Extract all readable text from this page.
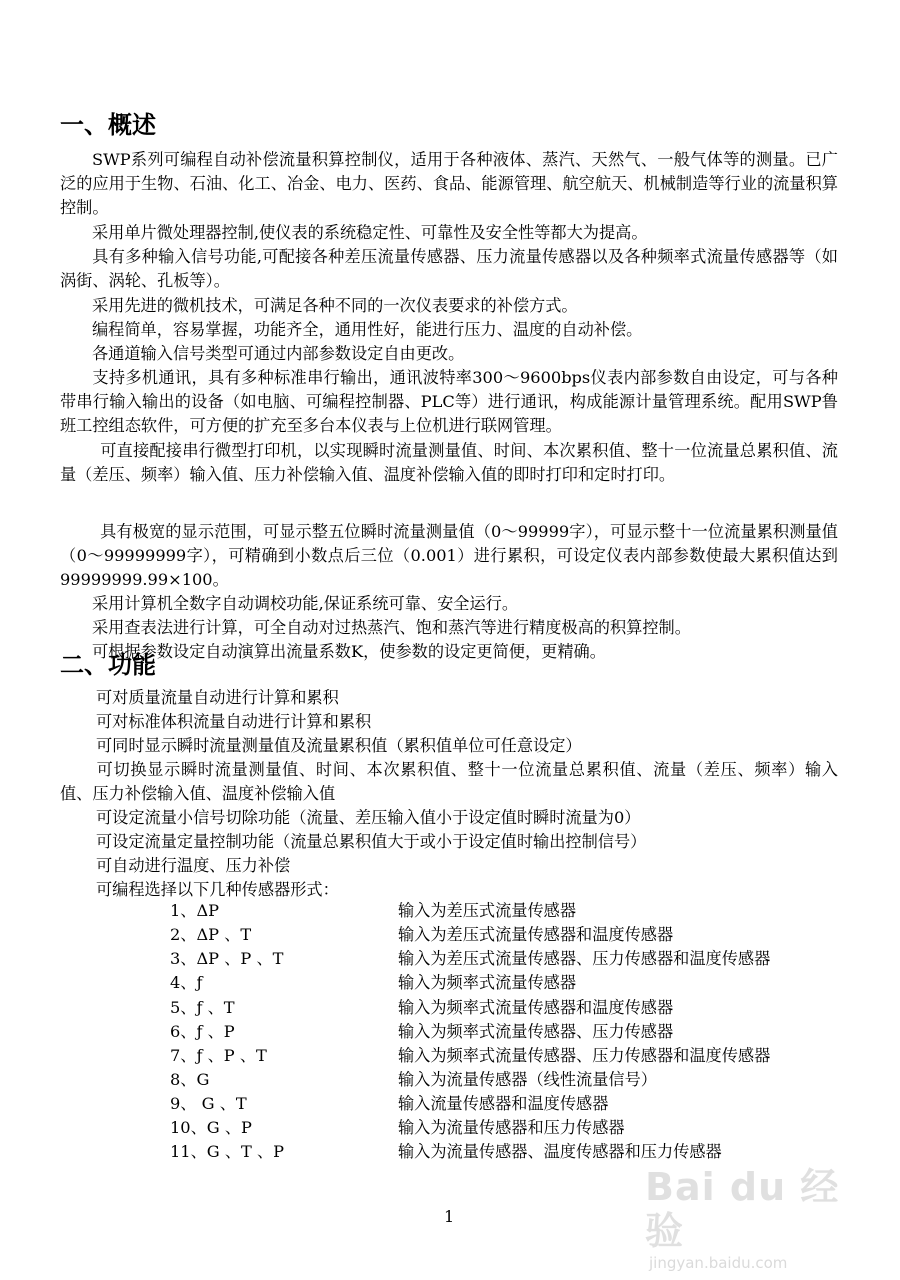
一、概述

SWP系列可编程自动补偿流量积算控制仪，适用于各种液体、蒸汽、天然气、一般气体等的测量。已广泛的应用于生物、石油、化工、冶金、电力、医药、食品、能源管理、航空航天、机械制造等行业的流量积算控制。

采用单片微处理器控制,使仪表的系统稳定性、可靠性及安全性等都大为提高。

具有多种输入信号功能,可配接各种差压流量传感器、压力流量传感器以及各种频率式流量传感器等（如涡街、涡轮、孔板等）。

采用先进的微机技术，可满足各种不同的一次仪表要求的补偿方式。

编程简单，容易掌握，功能齐全，通用性好，能进行压力、温度的自动补偿。

各通道输入信号类型可通过内部参数设定自由更改。

支持多机通讯，具有多种标准串行输出，通讯波特率300～9600bps仪表内部参数自由设定，可与各种带串行输入输出的设备（如电脑、可编程控制器、PLC等）进行通讯，构成能源计量管理系统。配用SWP鲁班工控组态软件，可方便的扩充至多台本仪表与上位机进行联网管理。

可直接配接串行微型打印机，以实现瞬时流量测量值、时间、本次累积值、整十一位流量总累积值、流量（差压、频率）输入值、压力补偿输入值、温度补偿输入值的即时打印和定时打印。

具有极宽的显示范围，可显示整五位瞬时流量测量值（0～99999字），可显示整十一位流量累积测量值（0～99999999字），可精确到小数点后三位（0.001）进行累积，可设定仪表内部参数使最大累积值达到99999999.99×100。

采用计算机全数字自动调校功能,保证系统可靠、安全运行。

采用查表法进行计算，可全自动对过热蒸汽、饱和蒸汽等进行精度极高的积算控制。

可根据参数设定自动演算出流量系数K，使参数的设定更简便，更精确。

二、功能
可对质量流量自动进行计算和累积
可对标准体积流量自动进行计算和累积
可同时显示瞬时流量测量值及流量累积值（累积值单位可任意设定）

可切换显示瞬时流量测量值、时间、本次累积值、整十一位流量总累积值、流量（差压、频率）输入值、压力补偿输入值、温度补偿输入值

可设定流量小信号切除功能（流量、差压输入值小于设定值时瞬时流量为0）
可设定流量定量控制功能（流量总累积值大于或小于设定值时输出控制信号）
可自动进行温度、压力补偿
可编程选择以下几种传感器形式：
1、ΔP	输入为差压式流量传感器
2、ΔP 、T	输入为差压式流量传感器和温度传感器
3、ΔP 、P 、T	输入为差压式流量传感器、压力传感器和温度传感器
4、ƒ	输入为频率式流量传感器
5、ƒ 、T	输入为频率式流量传感器和温度传感器
6、ƒ 、P	输入为频率式流量传感器、压力传感器
7、ƒ 、P 、T	输入为频率式流量传感器、压力传感器和温度传感器
8、G	输入为流量传感器（线性流量信号）
9、 G 、T	输入流量传感器和温度传感器
10、G 、P	输入为流量传感器和压力传感器
11、G 、T 、P	输入为流量传感器、温度传感器和压力传感器
1
Bai du 经验
jingyan.baidu.com
